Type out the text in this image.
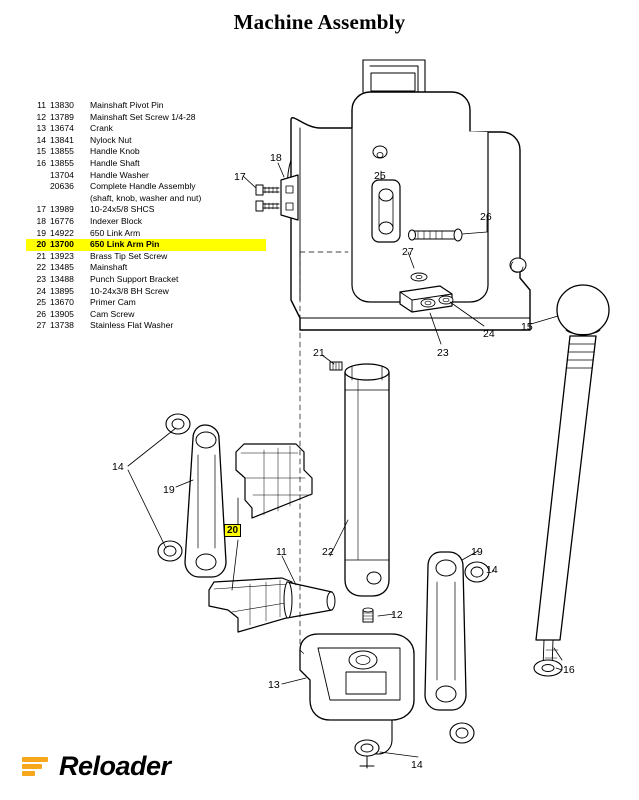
Machine Assembly
11 13830	Mainshaft Pivot Pin
12 13789	Mainshaft Set Screw 1/4-28
13 13674	Crank
14 13841	Nylock Nut
15 13855	Handle Knob
16 13855	Handle Shaft
13704	Handle Washer
20636	Complete Handle Assembly
(shaft, knob, washer and nut)
17 13989	10-24x5/8 SHCS
18 16776	Indexer Block
19 14922	650 Link Arm
20 13700	650 Link Arm Pin
21 13923	Brass Tip Set Screw
22 13485	Mainshaft
23 13488	Punch Support Bracket
24 13895	10-24x3/8 BH Screw
25 13670	Primer Cam
26 13905	Cam Screw
27 13738	Stainless Flat Washer
17
18
25
26
27
24
23
15
21
14
19
20
11	22	19
14
12
16
13
14
Reloader
